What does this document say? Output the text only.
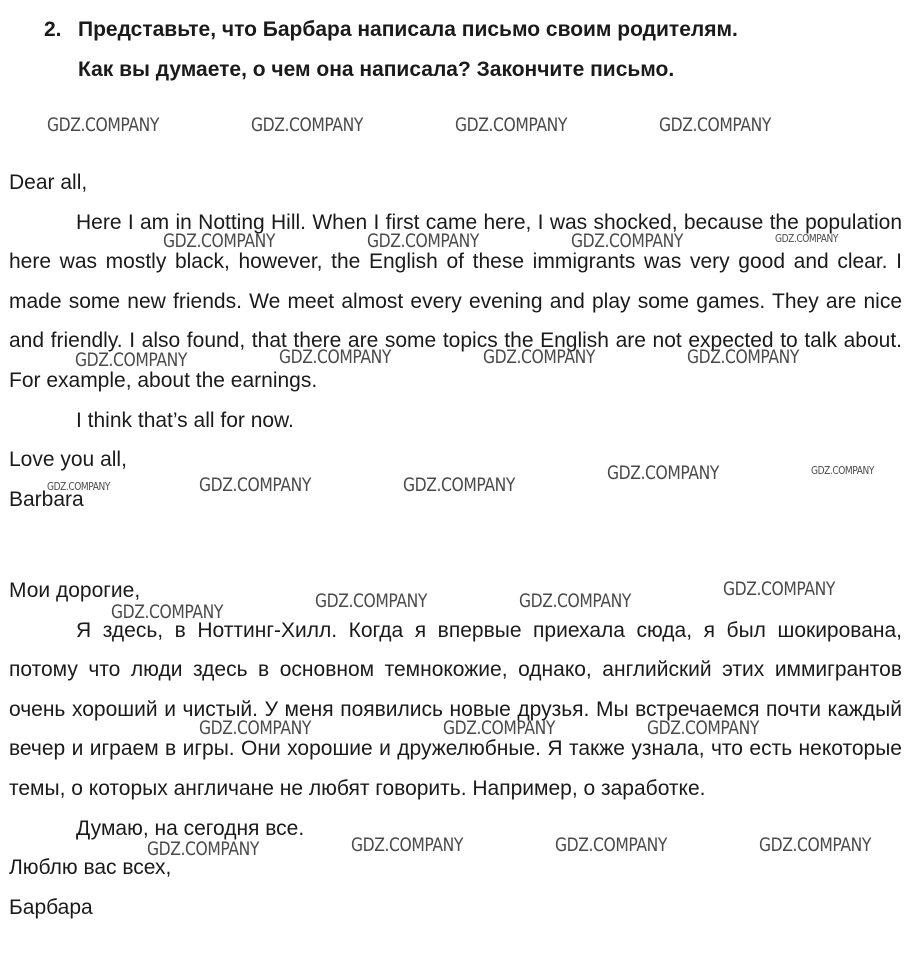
2. Представьте, что Барбара написала письмо своим родителям.
Как вы думаете, о чем она написала? Закончите письмо.

Dear all,

Here I am in Notting Hill. When I first came here, I was shocked, because the population here was mostly black, however, the English of these immigrants was very good and clear. I made some new friends. We meet almost every evening and play some games. They are nice and friendly. I also found, that there are some topics the English are not expected to talk about. For example, about the earnings.

I think that’s all for now.

Love you all,

Barbara

Мои дорогие,

Я здесь, в Ноттинг-Хилл. Когда я впервые приехала сюда, я был шокирована, потому что люди здесь в основном темнокожие, однако, английский этих иммигрантов очень хороший и чистый. У меня появились новые друзья. Мы встречаемся почти каждый вечер и играем в игры. Они хорошие и дружелюбные. Я также узнала, что есть некоторые темы, о которых англичане не любят говорить. Например, о заработке.

Думаю, на сегодня все.

Люблю вас всех,

Барбара

GDZ.COMPANY	GDZ.COMPANY	GDZ.COMPANY	GDZ.COMPANY
GDZ.COMPANY	GDZ.COMPANY	GDZ.COMPANY	GDZ.COMPANY
GDZ.COMPANY	GDZ.COMPANY	GDZ.COMPANY	GDZ.COMPANY
GDZ.COMPANY	GDZ.COMPANY
GDZ.COMPANY	GDZ.COMPANY	GDZ.COMPANY
GDZ.COMPANY
GDZ.COMPANY	GDZ.COMPANY
GDZ.COMPANY
GDZ.COMPANY	GDZ.COMPANY	GDZ.COMPANY
GDZ.COMPANY	GDZ.COMPANY	GDZ.COMPANY
GDZ.COMPANY
